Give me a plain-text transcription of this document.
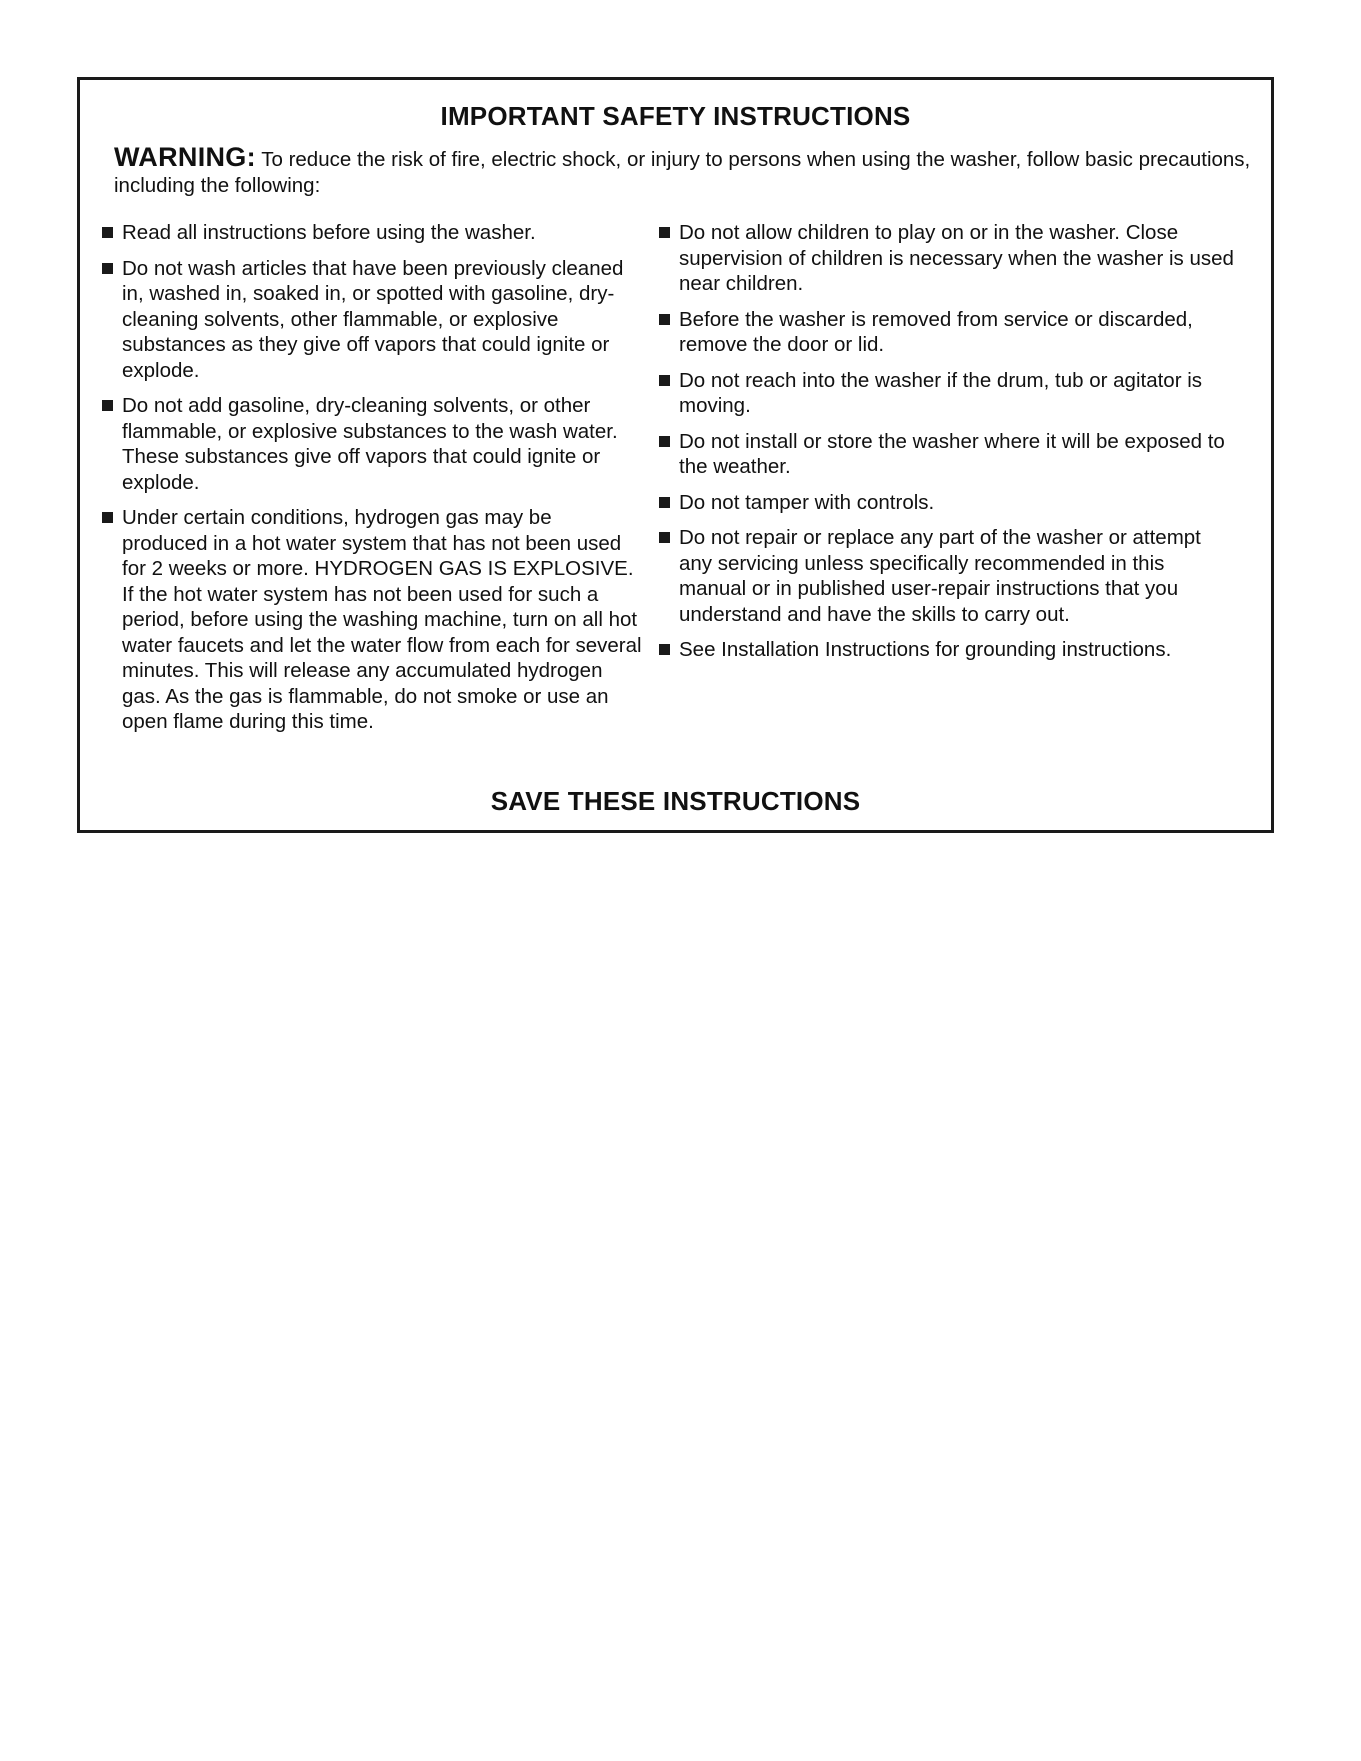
IMPORTANT SAFETY INSTRUCTIONS
WARNING: To reduce the risk of fire, electric shock, or injury to persons when using the washer, follow basic precautions, including the following:
Read all instructions before using the washer.
Do not wash articles that have been previously cleaned in, washed in, soaked in, or spotted with gasoline, dry-cleaning solvents, other flammable, or explosive substances as they give off vapors that could ignite or explode.
Do not add gasoline, dry-cleaning solvents, or other flammable, or explosive substances to the wash water. These substances give off vapors that could ignite or explode.
Under certain conditions, hydrogen gas may be produced in a hot water system that has not been used for 2 weeks or more. HYDROGEN GAS IS EXPLOSIVE. If the hot water system has not been used for such a period, before using the washing machine, turn on all hot water faucets and let the water flow from each for several minutes. This will release any accumulated hydrogen gas. As the gas is flammable, do not smoke or use an open flame during this time.
Do not allow children to play on or in the washer. Close supervision of children is necessary when the washer is used near children.
Before the washer is removed from service or discarded, remove the door or lid.
Do not reach into the washer if the drum, tub or agitator is moving.
Do not install or store the washer where it will be exposed to the weather.
Do not tamper with controls.
Do not repair or replace any part of the washer or attempt any servicing unless specifically recommended in this manual or in published user-repair instructions that you understand and have the skills to carry out.
See Installation Instructions for grounding instructions.
SAVE THESE INSTRUCTIONS
